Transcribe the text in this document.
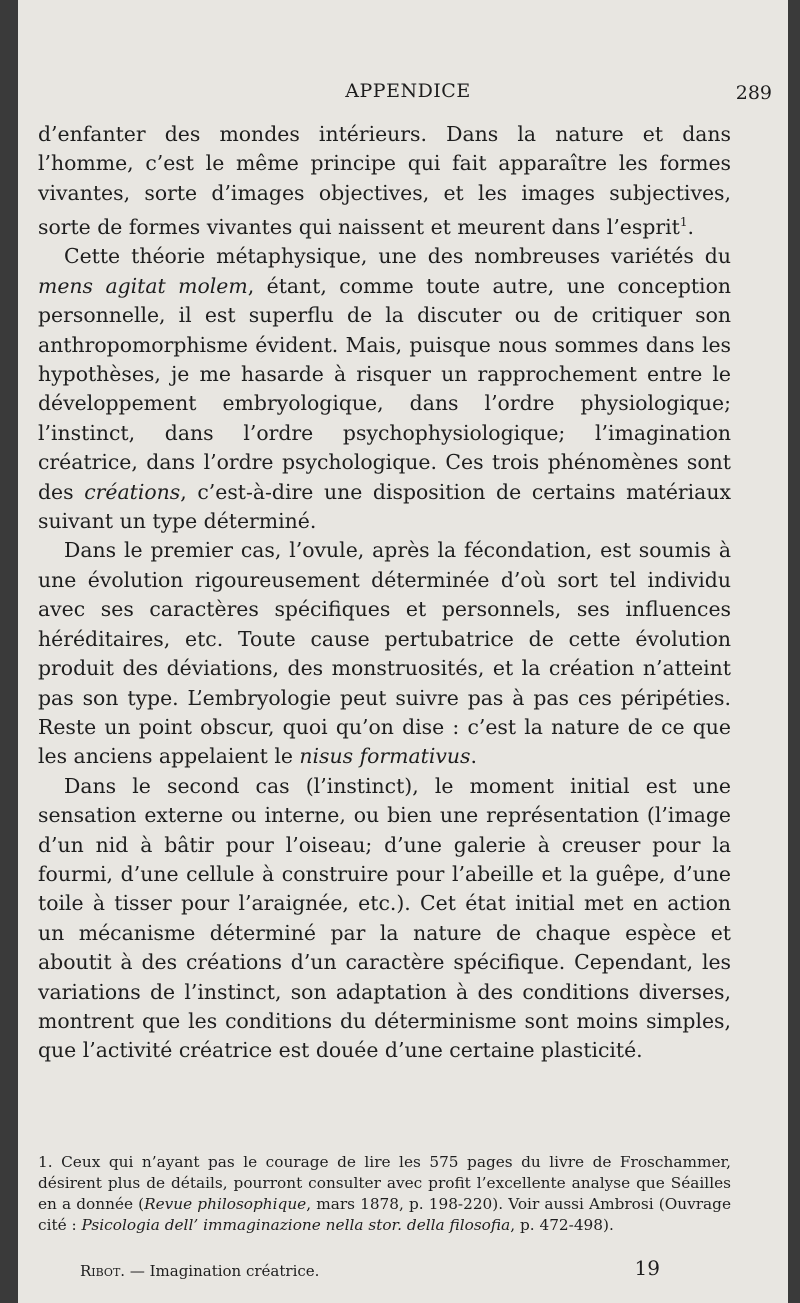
APPENDICE	289

d’enfanter des mondes intérieurs. Dans la nature et dans l’homme, c’est le même principe qui fait apparaître les formes vivantes, sorte d’images objectives, et les images subjectives, sorte de formes vivantes qui naissent et meurent dans l’esprit$^1$.

Cette théorie métaphysique, une des nombreuses variétés du mens agitat molem, étant, comme toute autre, une conception personnelle, il est superflu de la discuter ou de critiquer son anthropomorphisme évident. Mais, puisque nous sommes dans les hypothèses, je me hasarde à risquer un rapprochement entre le développement embryologique, dans l’ordre physiologique; l’instinct, dans l’ordre psychophysiologique; l’imagination créatrice, dans l’ordre psychologique. Ces trois phénomènes sont des créations, c’est-à-dire une disposition de certains matériaux suivant un type déterminé.

Dans le premier cas, l’ovule, après la fécondation, est soumis à une évolution rigoureusement déterminée d’où sort tel individu avec ses caractères spécifiques et personnels, ses influences héréditaires, etc. Toute cause pertubatrice de cette évolution produit des déviations, des monstruosités, et la création n’atteint pas son type. L’embryologie peut suivre pas à pas ces péripéties. Reste un point obscur, quoi qu’on dise : c’est la nature de ce que les anciens appelaient le nisus formativus.

Dans le second cas (l’instinct), le moment initial est une sensation externe ou interne, ou bien une représentation (l’image d’un nid à bâtir pour l’oiseau; d’une galerie à creuser pour la fourmi, d’une cellule à construire pour l’abeille et la guêpe, d’une toile à tisser pour l’araignée, etc.). Cet état initial met en action un mécanisme déterminé par la nature de chaque espèce et aboutit à des créations d’un caractère spécifique. Cependant, les variations de l’instinct, son adaptation à des conditions diverses, montrent que les conditions du déterminisme sont moins simples, que l’activité créatrice est douée d’une certaine plasticité.

1. Ceux qui n’ayant pas le courage de lire les 575 pages du livre de Froschammer, désirent plus de détails, pourront consulter avec profit l’excellente analyse que Séailles en a donnée (Revue philosophique, mars 1878, p. 198-220). Voir aussi Ambrosi (Ouvrage cité : Psicologia dell’ immaginazione nella stor. della filosofia, p. 472-498).

Ribot. — Imagination créatrice.	19
